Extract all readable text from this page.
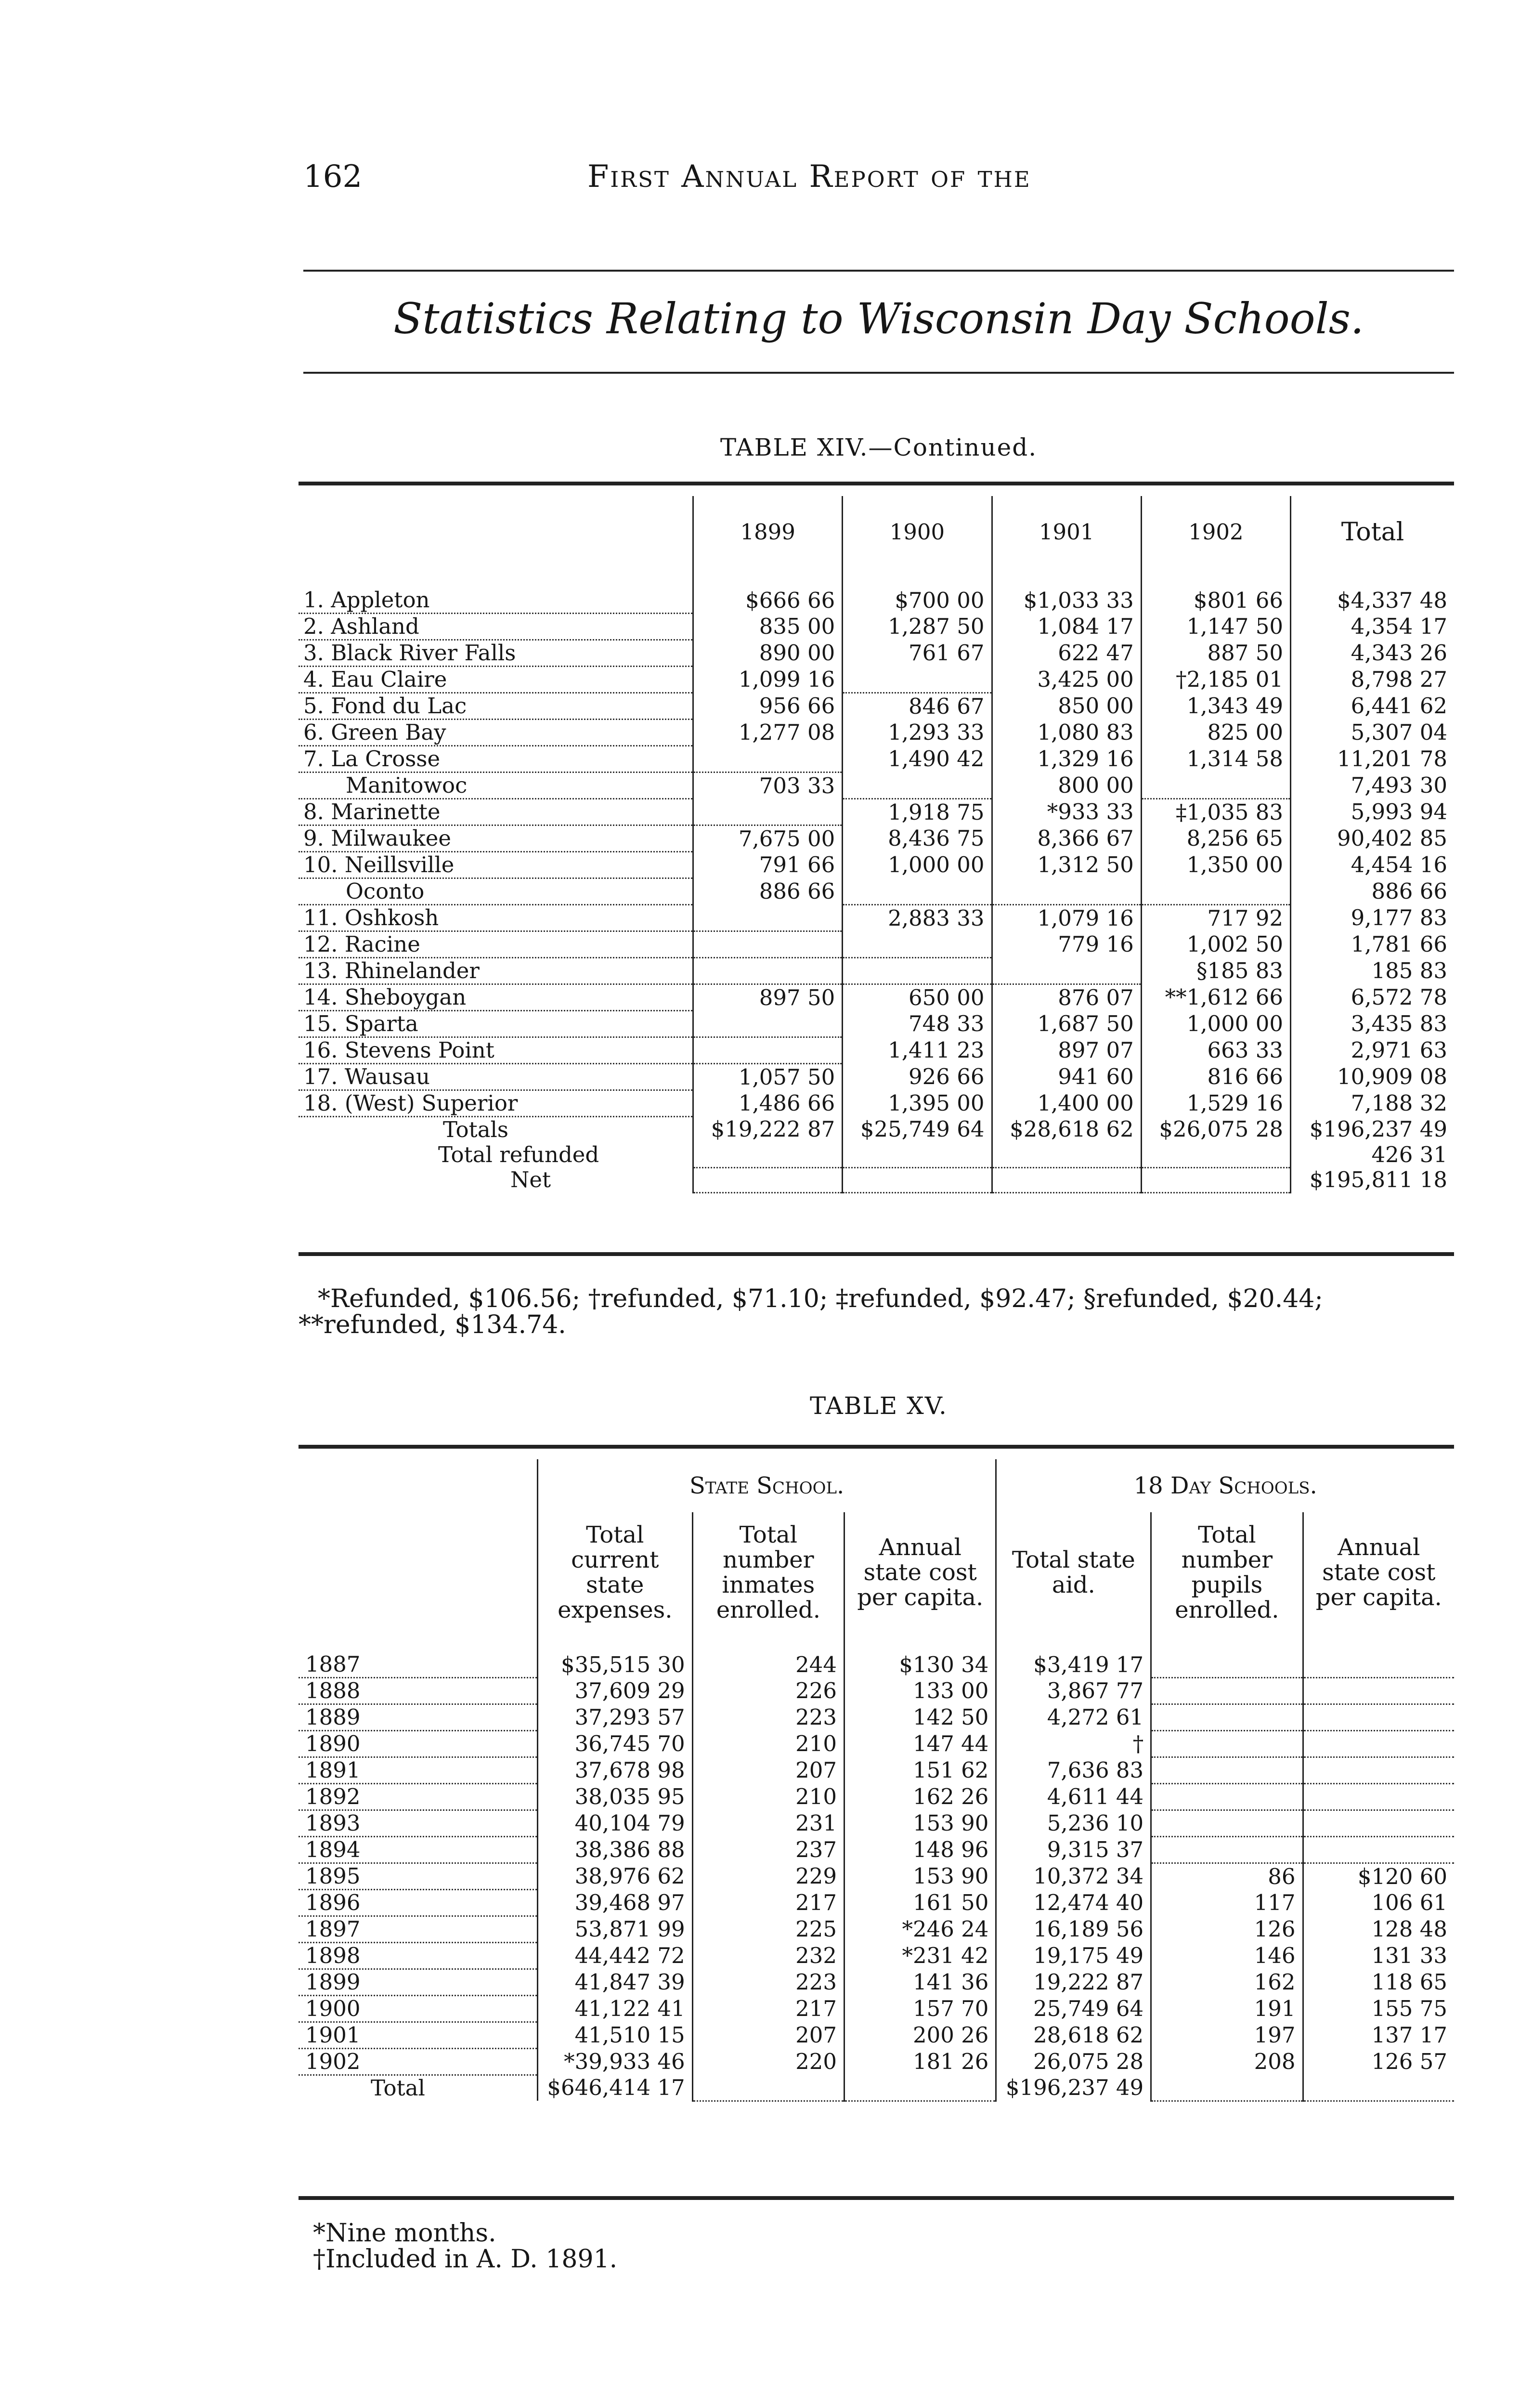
162	First Annual Report of the
Statistics Relating to Wisconsin Day Schools.
TABLE XIV.—Continued.
	1899	1900	1901	1902	Total
1. Appleton	$666 66	$700 00	$1,033 33	$801 66	$4,337 48
2. Ashland	835 00	1,287 50	1,084 17	1,147 50	4,354 17
3. Black River Falls	890 00	761 67	622 47	887 50	4,343 26
4. Eau Claire	1,099 16		3,425 00	†2,185 01	8,798 27
5. Fond du Lac	956 66	846 67	850 00	1,343 49	6,441 62
6. Green Bay	1,277 08	1,293 33	1,080 83	825 00	5,307 04
7. La Crosse		1,490 42	1,329 16	1,314 58	11,201 78
Manitowoc	703 33		800 00		7,493 30
8. Marinette		1,918 75	*933 33	‡1,035 83	5,993 94
9. Milwaukee	7,675 00	8,436 75	8,366 67	8,256 65	90,402 85
10. Neillsville	791 66	1,000 00	1,312 50	1,350 00	4,454 16
Oconto	886 66				886 66
11. Oshkosh		2,883 33	1,079 16	717 92	9,177 83
12. Racine			779 16	1,002 50	1,781 66
13. Rhinelander				§185 83	185 83
14. Sheboygan	897 50	650 00	876 07	**1,612 66	6,572 78
15. Sparta		748 33	1,687 50	1,000 00	3,435 83
16. Stevens Point		1,411 23	897 07	663 33	2,971 63
17. Wausau	1,057 50	926 66	941 60	816 66	10,909 08
18. (West) Superior	1,486 66	1,395 00	1,400 00	1,529 16	7,188 32
Totals	$19,222 87	$25,749 64	$28,618 62	$26,075 28	$196,237 49
Total refunded					426 31
Net					$195,811 18
*Refunded, $106.56; †refunded, $71.10; ‡refunded, $92.47; §refunded, $20.44; **refunded, $134.74.
TABLE XV.
	State School.			18 Day Schools.		
	Total current state expenses.	Total number inmates enrolled.	Annual state cost per capita.	Total state aid.	Total number pupils enrolled.	Annual state cost per capita.
1887	$35,515 30	244	$130 34	$3,419 17		
1888	37,609 29	226	133 00	3,867 77		
1889	37,293 57	223	142 50	4,272 61		
1890	36,745 70	210	147 44	†		
1891	37,678 98	207	151 62	7,636 83		
1892	38,035 95	210	162 26	4,611 44		
1893	40,104 79	231	153 90	5,236 10		
1894	38,386 88	237	148 96	9,315 37		
1895	38,976 62	229	153 90	10,372 34	86	$120 60
1896	39,468 97	217	161 50	12,474 40	117	106 61
1897	53,871 99	225	*246 24	16,189 56	126	128 48
1898	44,442 72	232	*231 42	19,175 49	146	131 33
1899	41,847 39	223	141 36	19,222 87	162	118 65
1900	41,122 41	217	157 70	25,749 64	191	155 75
1901	41,510 15	207	200 26	28,618 62	197	137 17
1902	*39,933 46	220	181 26	26,075 28	208	126 57
Total	$646,414 17			$196,237 49		
*Nine months.
†Included in A. D. 1891.
